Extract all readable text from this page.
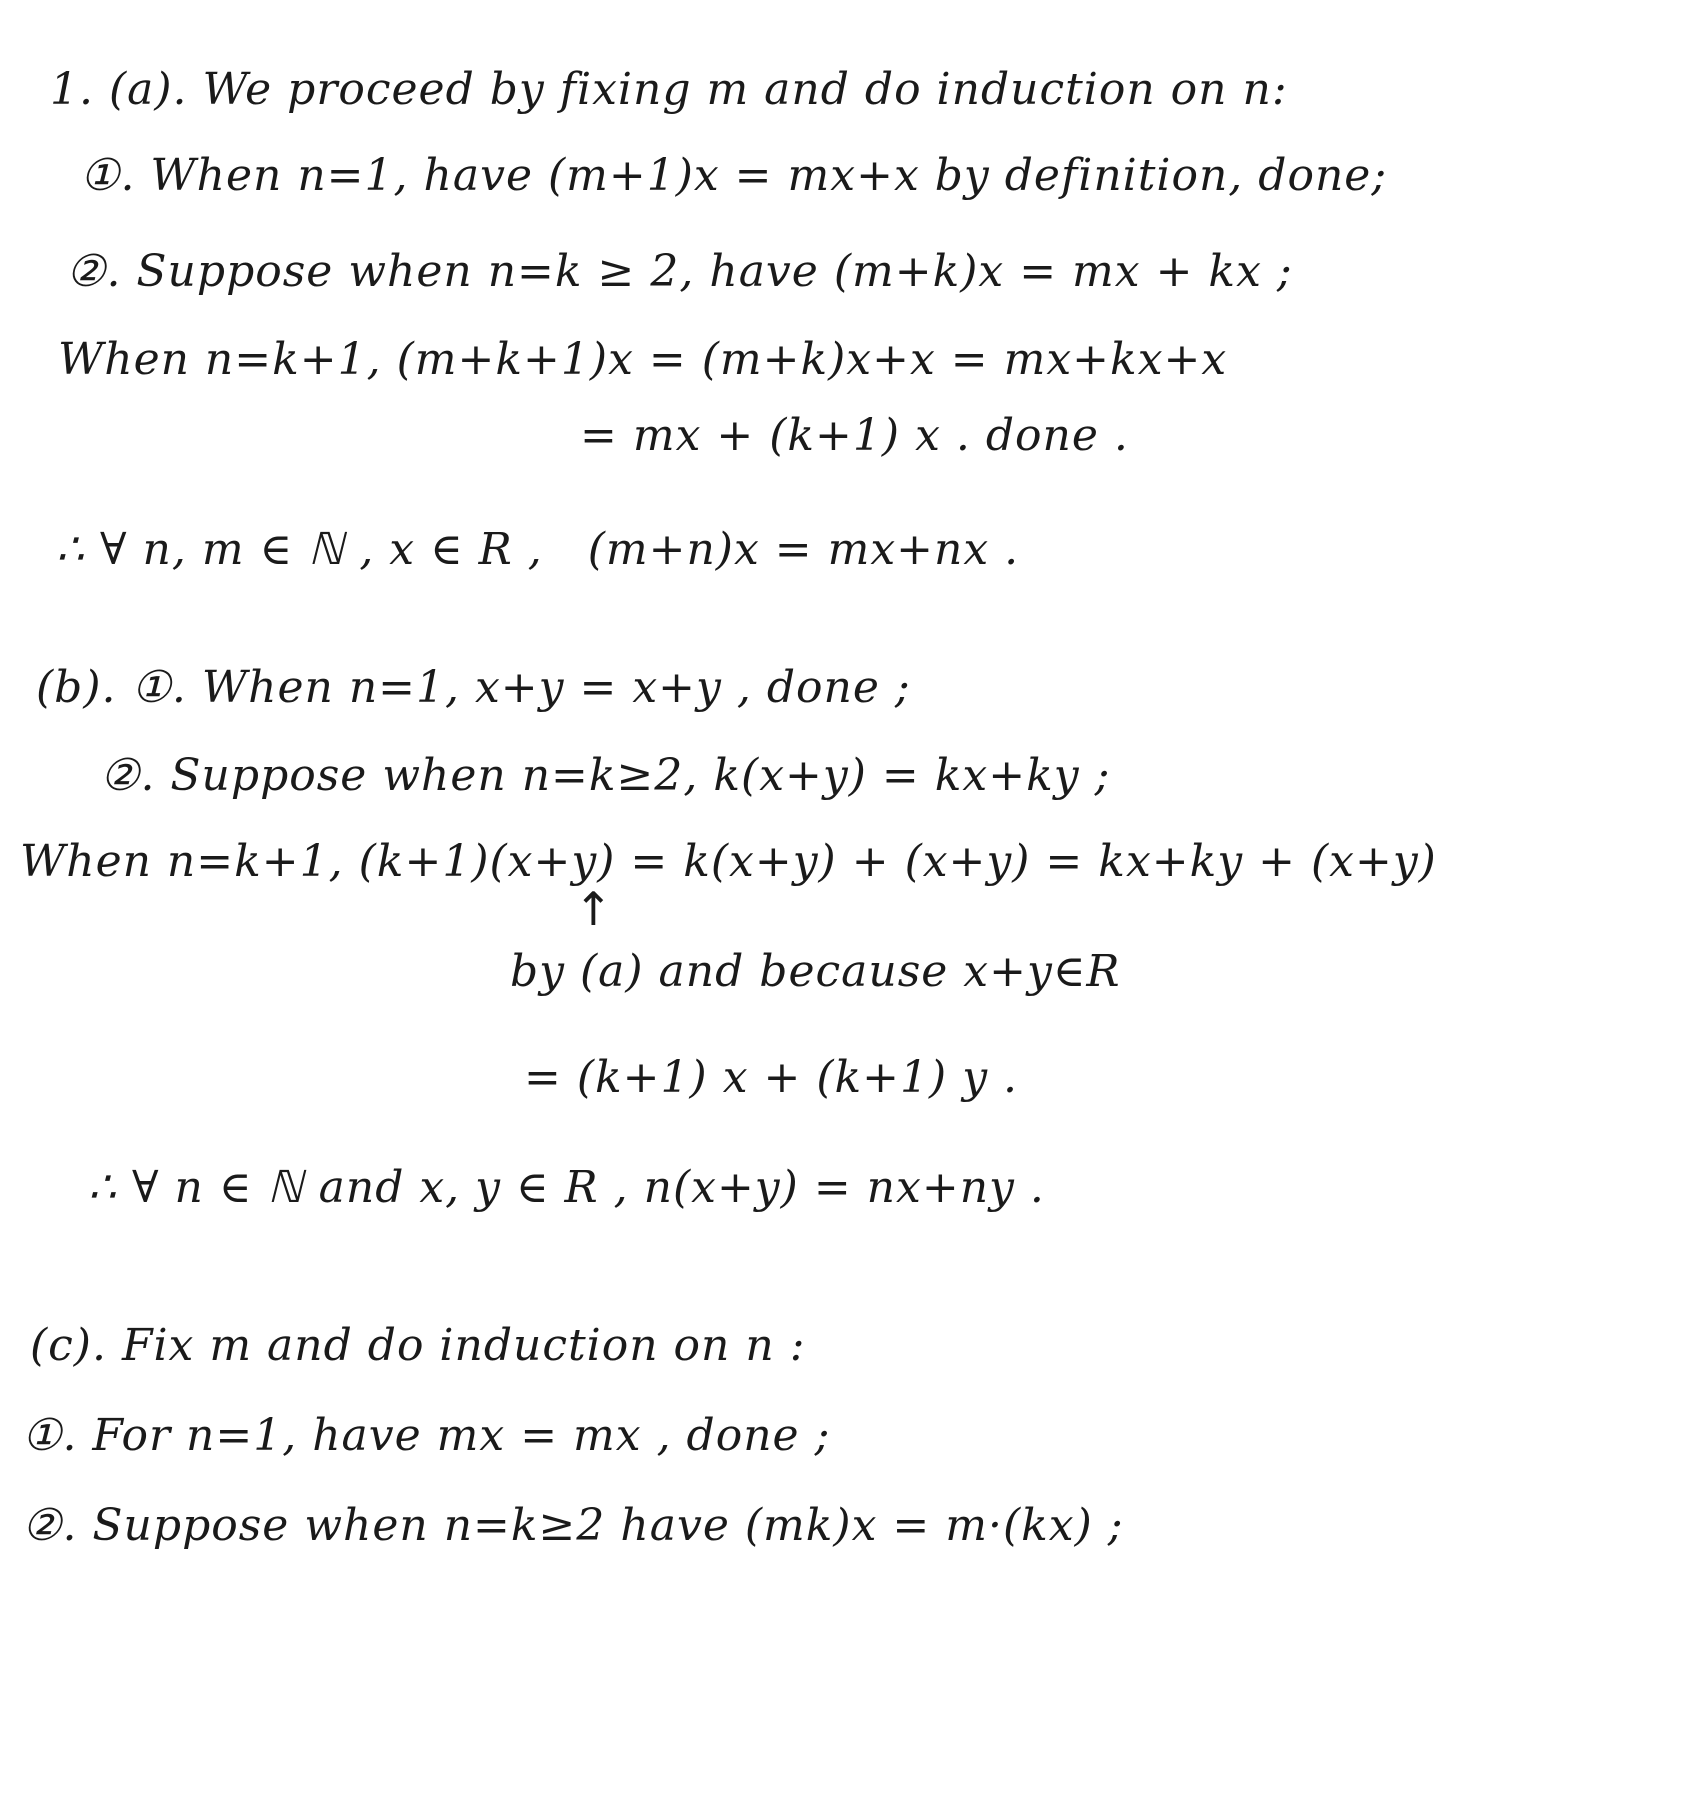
1. (a). We proceed by fixing m and do induction on n:
①. When n=1, have (m+1)x = mx+x by definition, done;
②. Suppose when n=k ≥ 2, have (m+k)x = mx + kx ;
When n=k+1, (m+k+1)x = (m+k)x+x = mx+kx+x
= mx + (k+1) x . done .
∴ ∀ n, m ∈ ℕ , x ∈ R ,   (m+n)x = mx+nx .
(b). ①. When n=1, x+y = x+y , done ;
②. Suppose when n=k≥2, k(x+y) = kx+ky ;
When n=k+1, (k+1)(x+y) = k(x+y) + (x+y) = kx+ky + (x+y)
↑
by (a) and because x+y∈R
= (k+1) x + (k+1) y .
∴ ∀ n ∈ ℕ and x, y ∈ R , n(x+y) = nx+ny .
(c). Fix m and do induction on n :
①. For n=1, have mx = mx , done ;
②. Suppose when n=k≥2 have (mk)x = m·(kx) ;
